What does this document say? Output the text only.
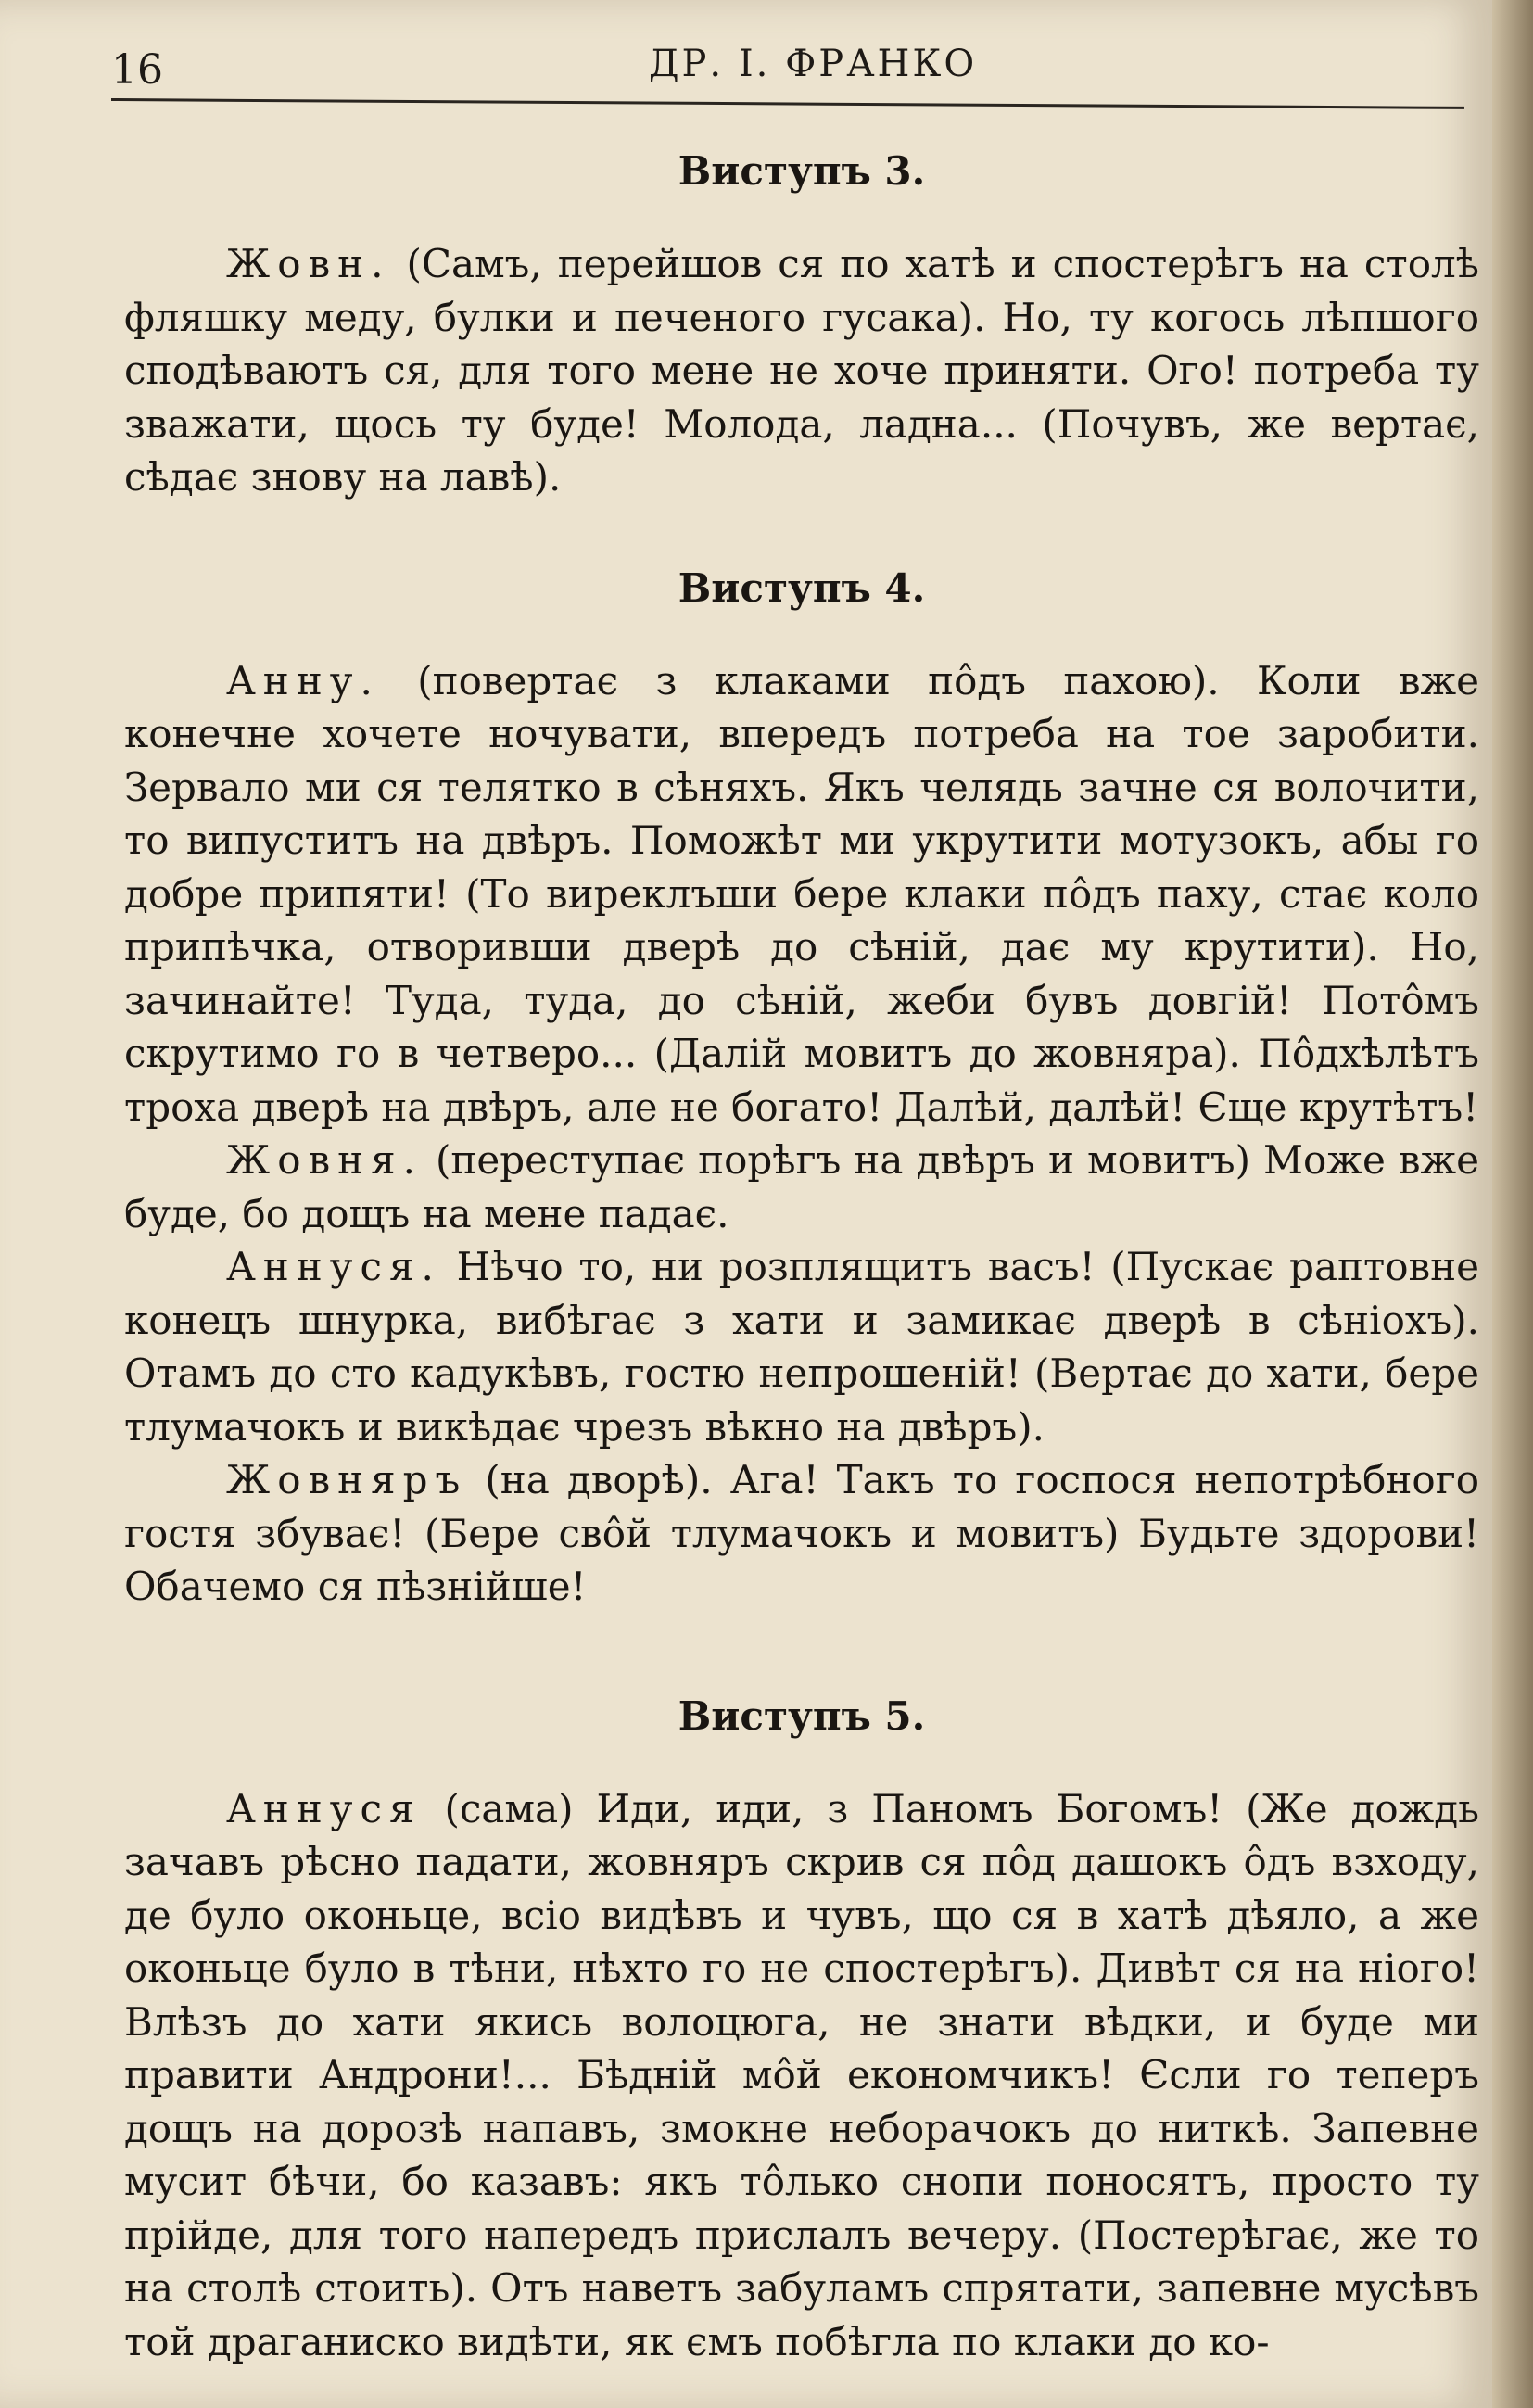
16	ДР. І. ФРАНКО
Виступъ 3.

Жовн. (Самъ, перейшов ся по хатѣ и спостерѣгъ на столѣ фляшку меду, булки и печеного гусака). Но, ту когось лѣпшого сподѣваютъ ся, для того мене не хоче приняти. Ого! потреба ту зважати, щось ту буде! Молода, ладна... (Почувъ, же вертає, сѣдає знову на лавѣ).

Виступъ 4.

Анну. (повертає з клаками пôдъ пахою). Коли вже конечне хочете ночувати, впередъ потреба на тое заробити. Зервало ми ся телятко в сѣняхъ. Якъ челядь зачне ся волочити, то випуститъ на двѣръ. Поможѣт ми укрутити мотузокъ, абы го добре припяти! (То виреклъши бере клаки пôдъ паху, стає коло припѣчка, отворивши дверѣ до сѣній, дає му крутити). Но, зачинайте! Туда, туда, до сѣній, жеби бувъ довгій! Потôмъ скрутимо го в четверо... (Далій мовитъ до жовняра). Пôдхѣлѣтъ троха дверѣ на двѣръ, але не богато! Далѣй, далѣй! Єще крутѣтъ!

Жовня. (переступає порѣгъ на двѣръ и мовитъ) Може вже буде, бо дощъ на мене падає.

Аннуся. Нѣчо то, ни розплящитъ васъ! (Пускає раптовне конецъ шнурка, вибѣгає з хати и замикає дверѣ в сѣніохъ). Отамъ до сто кадукѣвъ, гостю непрошеній! (Вертає до хати, бере тлумачокъ и викѣдає чрезъ вѣкно на двѣръ).

Жовняръ (на дворѣ). Ага! Такъ то госпося непотрѣбного гостя збуває! (Бере свôй тлумачокъ и мовитъ) Будьте здорови! Обачемо ся пѣзнійше!

Виступъ 5.

Аннуся (сама) Иди, иди, з Паномъ Богомъ! (Же дождь зачавъ рѣсно падати, жовняръ скрив ся пôд дашокъ ôдъ взходу, де було оконьце, всіо видѣвъ и чувъ, що ся в хатѣ дѣяло, а же оконьце було в тѣни, нѣхто го не спостерѣгъ). Дивѣт ся на ніого! Влѣзъ до хати якись волоцюга, не знати вѣдки, и буде ми правити Андрони!... Бѣдній мôй економчикъ! Єсли го теперъ дощъ на дорозѣ напавъ, змокне неборачокъ до ниткѣ. Запевне мусит бѣчи, бо казавъ: якъ тôлько снопи поносятъ, просто ту прійде, для того напередъ прислалъ вечеру. (Постерѣгає, же то на столѣ стоить). Отъ наветъ забуламъ спрятати, запевне мусѣвъ той драганиско видѣти, як ємъ побѣгла по клаки до ко-
